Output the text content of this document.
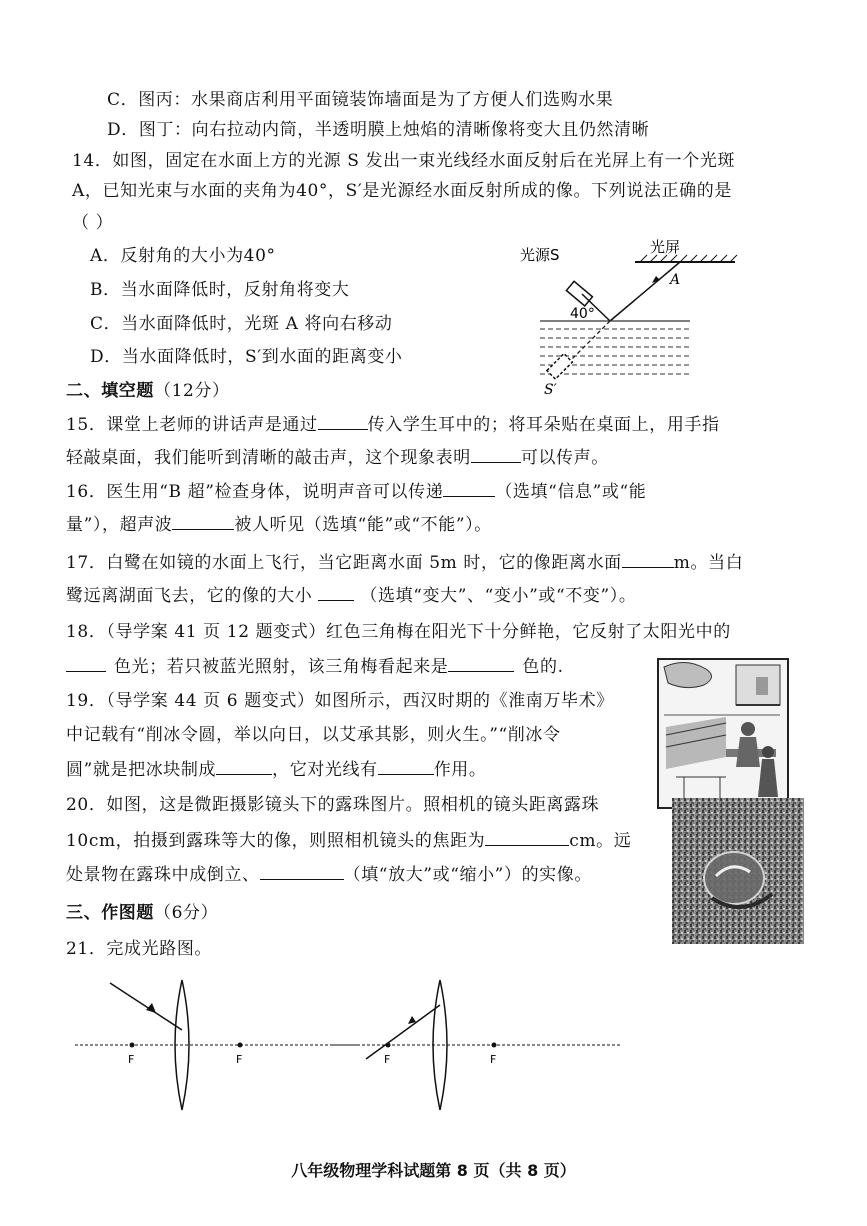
C．图丙：水果商店利用平面镜装饰墙面是为了方便人们选购水果
D．图丁：向右拉动内筒，半透明膜上烛焰的清晰像将变大且仍然清晰
14．如图，固定在水面上方的光源 S 发出一束光线经水面反射后在光屏上有一个光斑
A，已知光束与水面的夹角为40°，S′是光源经水面反射所成的像。下列说法正确的是
（ ）
A．反射角的大小为40°
B．当水面降低时，反射角将变大
C．当水面降低时，光斑 A 将向右移动
D．当水面降低时，S′到水面的距离变小
光屏
A
光源S
40°
S′
二、填空题（12分）
15．课堂上老师的讲话声是通过	传入学生耳中的；将耳朵贴在桌面上，用手指
轻敲桌面，我们能听到清晰的敲击声，这个现象表明	可以传声。
16．医生用“B 超”检查身体，说明声音可以传递	（选填“信息”或“能
量”），超声波	被人听见（选填“能”或“不能”）。
17．白鹭在如镜的水面上飞行，当它距离水面 5m 时，它的像距离水面	m。当白
鹭远离湖面飞去，它的像的大小	（选填“变大”、“变小”或“不变”）。
18．（导学案 41 页 12 题变式）红色三角梅在阳光下十分鲜艳，它反射了太阳光中的
色光；若只被蓝光照射，该三角梅看起来是	色的.
19．（导学案 44 页 6 题变式）如图所示，西汉时期的《淮南万毕术》
中记载有“削冰令圆，举以向日，以艾承其影，则火生。”“削冰令
圆”就是把冰块制成	，它对光线有	作用。
20．如图，这是微距摄影镜头下的露珠图片。照相机的镜头距离露珠
10cm，拍摄到露珠等大的像，则照相机镜头的焦距为	cm。远
处景物在露珠中成倒立、	（填“放大”或“缩小”）的实像。
三、作图题（6分）
21．完成光路图。
F	F	F	F
八年级物理学科试题第 8 页（共 8 页）
